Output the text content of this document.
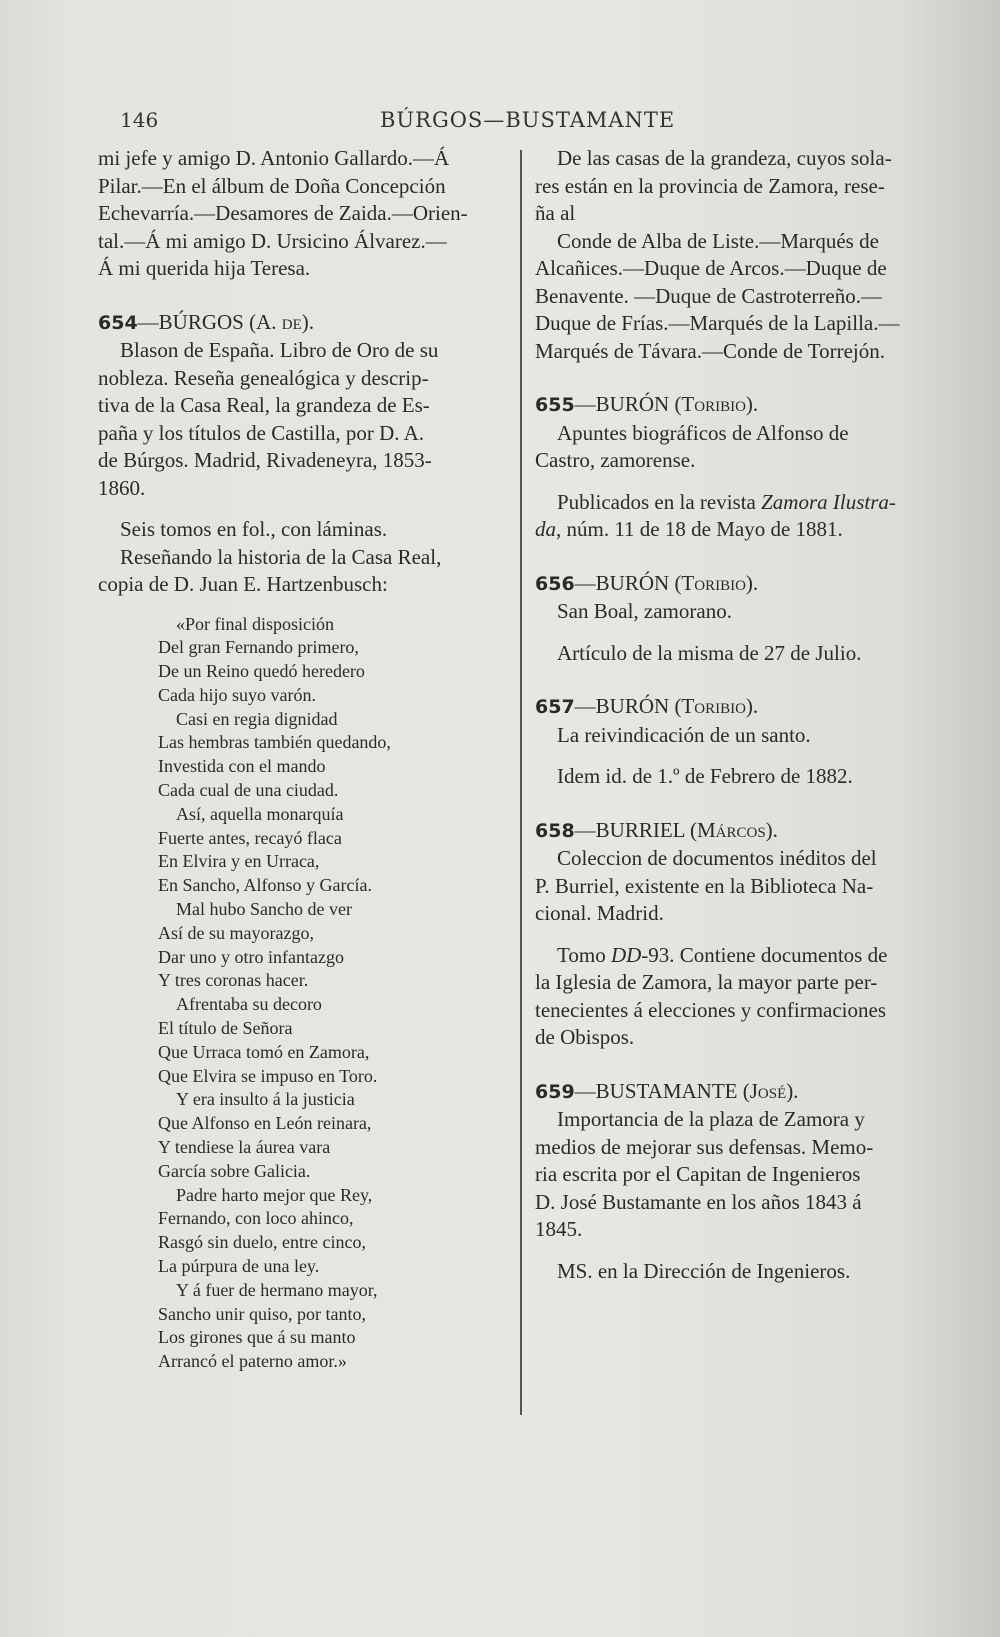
146	BÚRGOS—BUSTAMANTE
mi jefe y amigo D. Antonio Gallardo.—Á
Pilar.—En el álbum de Doña Concepción
Echevarría.—Desamores de Zaida.—Orien-
tal.—Á mi amigo D. Ursicino Álvarez.—
Á mi querida hija Teresa.

654—BÚRGOS (A. de).

Blason de España. Libro de Oro de su
nobleza. Reseña genealógica y descrip-
tiva de la Casa Real, la grandeza de Es-
paña y los títulos de Castilla, por D. A.
de Búrgos. Madrid, Rivadeneyra, 1853-
1860.
Seis tomos en fol., con láminas.
Reseñando la historia de la Casa Real,
copia de D. Juan E. Hartzenbusch:
«Por final disposición
Del gran Fernando primero,
De un Reino quedó heredero
Cada hijo suyo varón.
Casi en regia dignidad
Las hembras también quedando,
Investida con el mando
Cada cual de una ciudad.
Así, aquella monarquía
Fuerte antes, recayó flaca
En Elvira y en Urraca,
En Sancho, Alfonso y García.
Mal hubo Sancho de ver
Así de su mayorazgo,
Dar uno y otro infantazgo
Y tres coronas hacer.
Afrentaba su decoro
El título de Señora
Que Urraca tomó en Zamora,
Que Elvira se impuso en Toro.
Y era insulto á la justicia
Que Alfonso en León reinara,
Y tendiese la áurea vara
García sobre Galicia.
Padre harto mejor que Rey,
Fernando, con loco ahinco,
Rasgó sin duelo, entre cinco,
La púrpura de una ley.
Y á fuer de hermano mayor,
Sancho unir quiso, por tanto,
Los girones que á su manto
Arrancó el paterno amor.»
De las casas de la grandeza, cuyos sola-
res están en la provincia de Zamora, rese-
ña al
Conde de Alba de Liste.—Marqués de
Alcañices.—Duque de Arcos.—Duque de
Benavente. —Duque de Castroterreño.—
Duque de Frías.—Marqués de la Lapilla.—
Marqués de Távara.—Conde de Torrejón.

655—BURÓN (Toribio).

Apuntes biográficos de Alfonso de
Castro, zamorense.
Publicados en la revista Zamora Ilustra-
da, núm. 11 de 18 de Mayo de 1881.

656—BURÓN (Toribio).

San Boal, zamorano.
Artículo de la misma de 27 de Julio.

657—BURÓN (Toribio).

La reivindicación de un santo.
Idem id. de 1.º de Febrero de 1882.

658—BURRIEL (Márcos).

Coleccion de documentos inéditos del
P. Burriel, existente en la Biblioteca Na-
cional. Madrid.
Tomo DD-93. Contiene documentos de
la Iglesia de Zamora, la mayor parte per-
tenecientes á elecciones y confirmaciones
de Obispos.

659—BUSTAMANTE (José).

Importancia de la plaza de Zamora y
medios de mejorar sus defensas. Memo-
ria escrita por el Capitan de Ingenieros
D. José Bustamante en los años 1843 á
1845.
MS. en la Dirección de Ingenieros.
